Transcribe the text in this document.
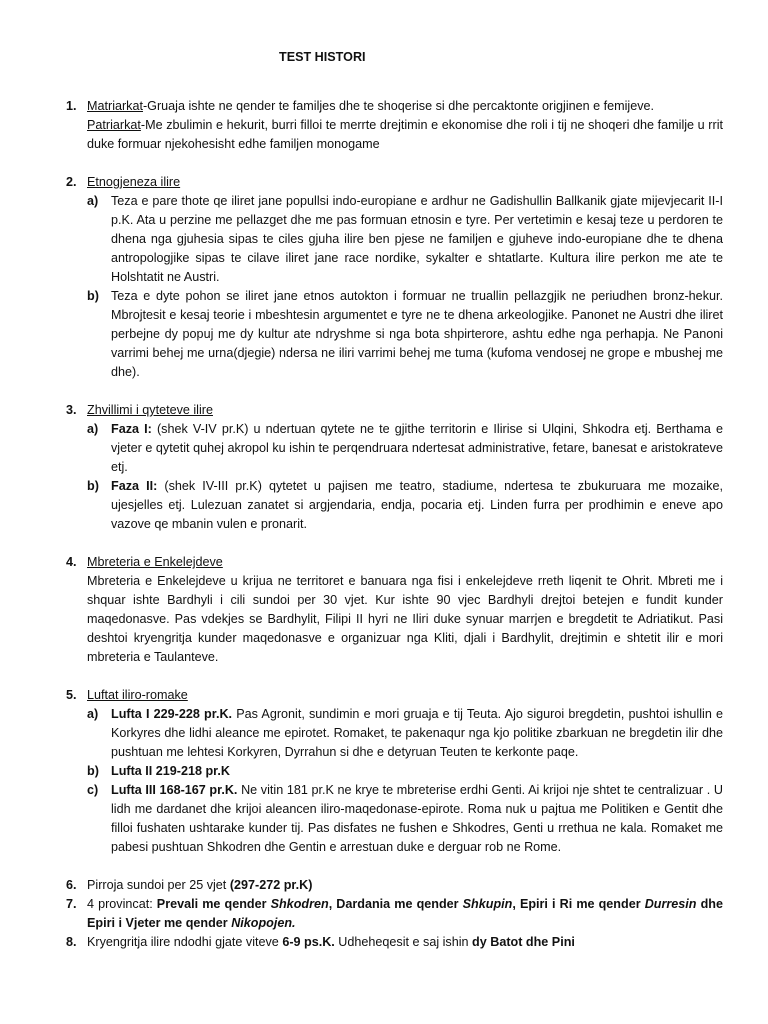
TEST HISTORI
1. Matriarkat-Gruaja ishte ne qender te familjes dhe te shoqerise si dhe percaktonte origjinen e femijeve.
Patriarkat-Me zbulimin e hekurit, burri filloi te merrte drejtimin e ekonomise dhe roli i tij ne shoqeri dhe familje u rrit duke formuar njekohesisht edhe familjen monogame
2. Etnogjeneza ilire
a) Teza e pare thote qe iliret jane popullsi indo-europiane e ardhur ne Gadishullin Ballkanik gjate mijevjecarit II-I p.K. Ata u perzine me pellazget dhe me pas formuan etnosin e tyre. Per vertetimin e kesaj teze u perdoren te dhena nga gjuhesia sipas te ciles gjuha ilire ben pjese ne familjen e gjuheve indo-europiane dhe te dhena antropologjike sipas te cilave iliret jane race nordike, sykalter e shtatlarte. Kultura ilire perkon me ate te Holshtatit ne Austri.
b) Teza e dyte pohon se iliret jane etnos autokton i formuar ne truallin pellazgjik ne periudhen bronz-hekur. Mbrojtesit e kesaj teorie i mbeshtesin argumentet e tyre ne te dhena arkeologjike. Panonet ne Austri dhe iliret perbejne dy popuj me dy kultur ate ndryshme si nga bota shpirterore, ashtu edhe nga perhapja. Ne Panoni varrimi behej me urna(djegie) ndersa ne iliri varrimi behej me tuma (kufoma vendosej ne grope e mbushej me dhe).
3. Zhvillimi i qyteteve ilire
a) Faza I: (shek V-IV pr.K) u ndertuan qytete ne te gjithe territorin e Ilirise si Ulqini, Shkodra etj. Berthama e vjeter e qytetit quhej akropol ku ishin te perqendruara ndertesat administrative, fetare, banesat e aristokrateve etj.
b) Faza II: (shek IV-III pr.K) qytetet u pajisen me teatro, stadiume, ndertesa te zbukuruara me mozaike, ujesjelles etj. Lulezuan zanatet si argjendaria, endja, pocaria etj. Linden furra per prodhimin e eneve apo vazove qe mbanin vulen e pronarit.
4. Mbreteria e Enkelejdeve
Mbreteria e Enkelejdeve u krijua ne territoret e banuara nga fisi i enkelejdeve rreth liqenit te Ohrit. Mbreti me i shquar ishte Bardhyli i cili sundoi per 30 vjet. Kur ishte 90 vjec Bardhyli drejtoi betejen e fundit kunder maqedonasve. Pas vdekjes se Bardhylit, Filipi II hyri ne Iliri duke synuar marrjen e bregdetit te Adriatikut. Pasi deshtoi kryengritja kunder maqedonasve e organizuar nga Kliti, djali i Bardhylit, drejtimin e shtetit ilir e mori mbreteria e Taulanteve.
5. Luftat iliro-romake
a) Lufta I 229-228 pr.K. Pas Agronit, sundimin e mori gruaja e tij Teuta. Ajo siguroi bregdetin, pushtoi ishullin e Korkyres dhe lidhi aleance me epirotet. Romaket, te pakenaqur nga kjo politike zbarkuan ne bregdetin ilir dhe pushtuan me lehtesi Korkyren, Dyrrahun si dhe e detyruan Teuten te kerkonte paqe.
b) Lufta II 219-218 pr.K
c) Lufta III 168-167 pr.K. Ne vitin 181 pr.K ne krye te mbreterise erdhi Genti. Ai krijoi nje shtet te centralizuar . U lidh me dardanet dhe krijoi aleancen iliro-maqedonase-epirote. Roma nuk u pajtua me Politiken e Gentit dhe filloi fushaten ushtarake kunder tij. Pas disfates ne fushen e Shkodres, Genti u rrethua ne kala. Romaket me pabesi pushtuan Shkodren dhe Gentin e arrestuan duke e derguar rob ne Rome.
6. Pirroja sundoi per 25 vjet (297-272 pr.K)
7. 4 provincat: Prevali me qender Shkodren, Dardania me qender Shkupin, Epiri i Ri me qender Durresin dhe Epiri i Vjeter me qender Nikopojen.
8. Kryengritja ilire ndodhi gjate viteve 6-9 ps.K. Udheheqesit e saj ishin dy Batot dhe Pini
